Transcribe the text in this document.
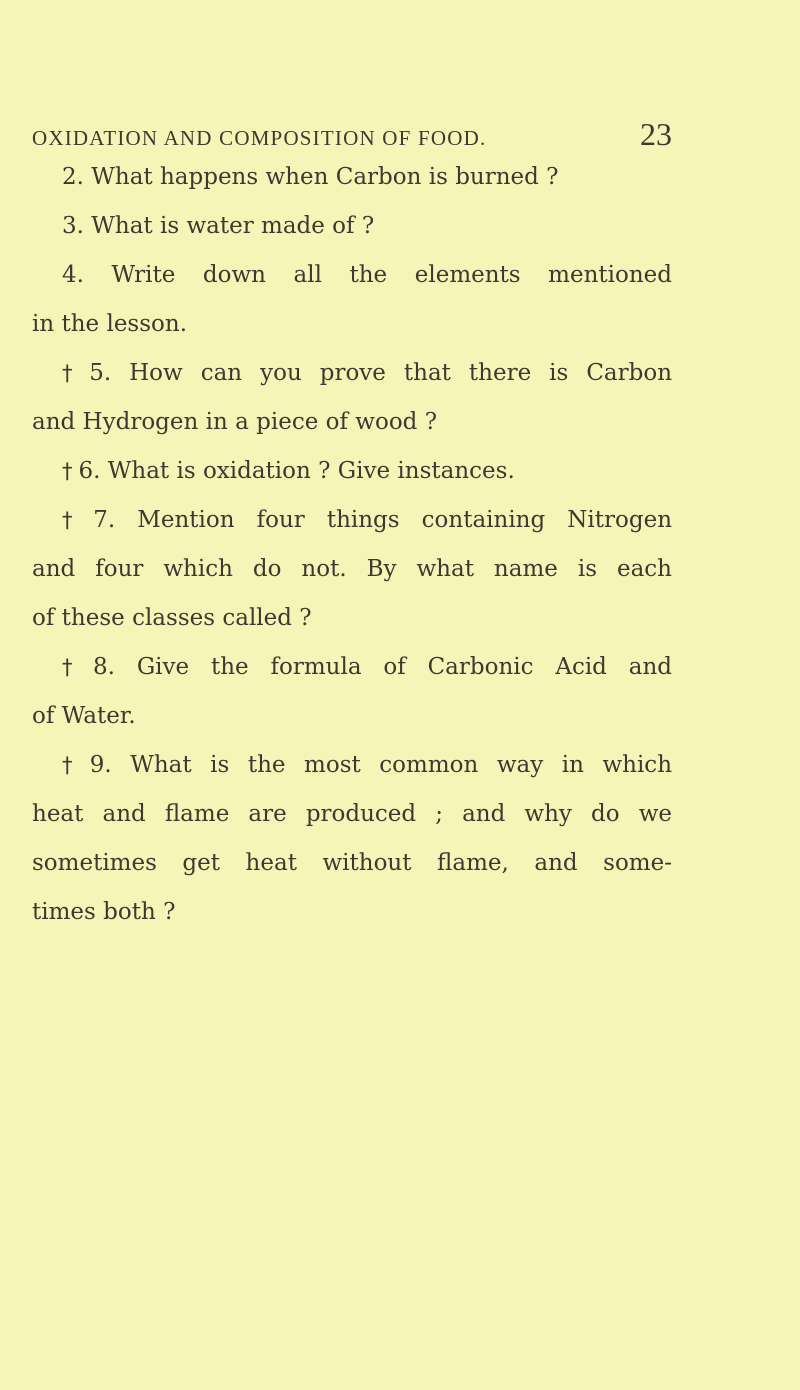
OXIDATION AND COMPOSITION OF FOOD.	23

2. What happens when Carbon is burned ?

3. What is water made of ?

4. Write down all the elements mentioned
in the lesson.

† 5. How can you prove that there is Carbon
and Hydrogen in a piece of wood ?

† 6. What is oxidation ? Give instances.

† 7. Mention four things containing Nitrogen
and four which do not. By what name is each
of these classes called ?

† 8. Give the formula of Carbonic Acid and
of Water.

† 9. What is the most common way in which
heat and flame are produced ; and why do we
sometimes get heat without flame, and some-
times both ?
